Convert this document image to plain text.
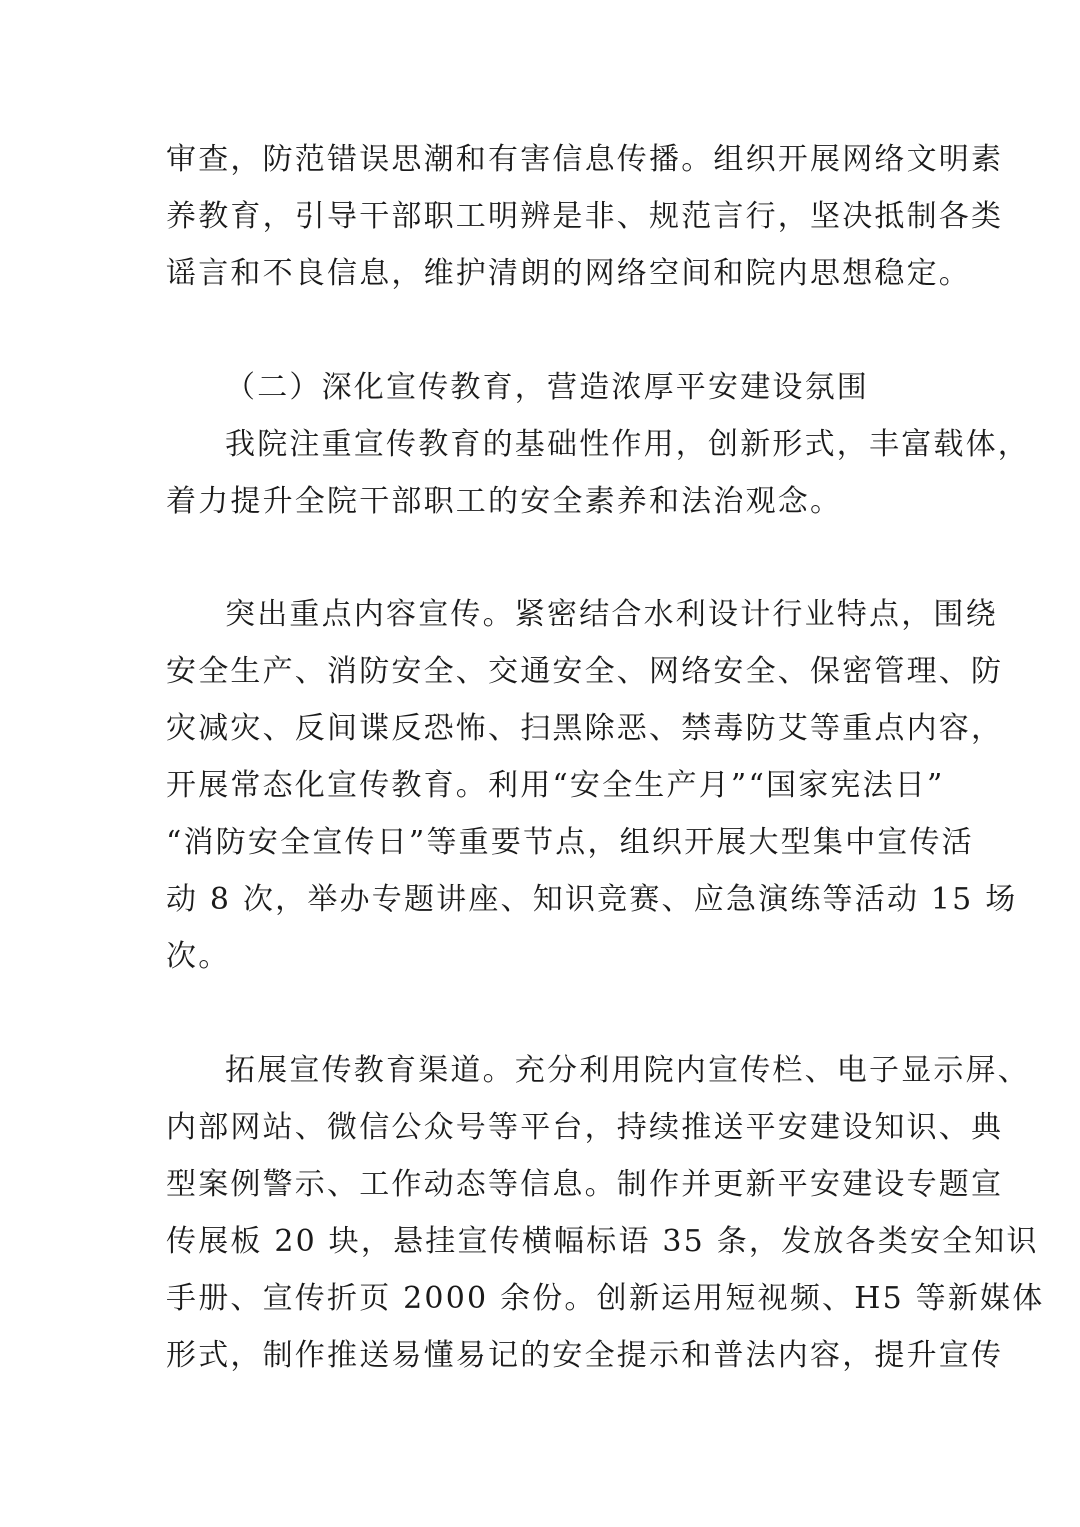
审查，防范错误思潮和有害信息传播。组织开展网络文明素
养教育，引导干部职工明辨是非、规范言行，坚决抵制各类
谣言和不良信息，维护清朗的网络空间和院内思想稳定。
（二）深化宣传教育，营造浓厚平安建设氛围
我院注重宣传教育的基础性作用，创新形式，丰富载体，
着力提升全院干部职工的安全素养和法治观念。
突出重点内容宣传。紧密结合水利设计行业特点，围绕
安全生产、消防安全、交通安全、网络安全、保密管理、防
灾减灾、反间谍反恐怖、扫黑除恶、禁毒防艾等重点内容，
开展常态化宣传教育。利用“安全生产月”“国家宪法日”
“消防安全宣传日”等重要节点，组织开展大型集中宣传活
动 8 次，举办专题讲座、知识竞赛、应急演练等活动 15 场
次。
拓展宣传教育渠道。充分利用院内宣传栏、电子显示屏、
内部网站、微信公众号等平台，持续推送平安建设知识、典
型案例警示、工作动态等信息。制作并更新平安建设专题宣
传展板 20 块，悬挂宣传横幅标语 35 条，发放各类安全知识
手册、宣传折页 2000 余份。创新运用短视频、H5 等新媒体
形式，制作推送易懂易记的安全提示和普法内容，提升宣传
